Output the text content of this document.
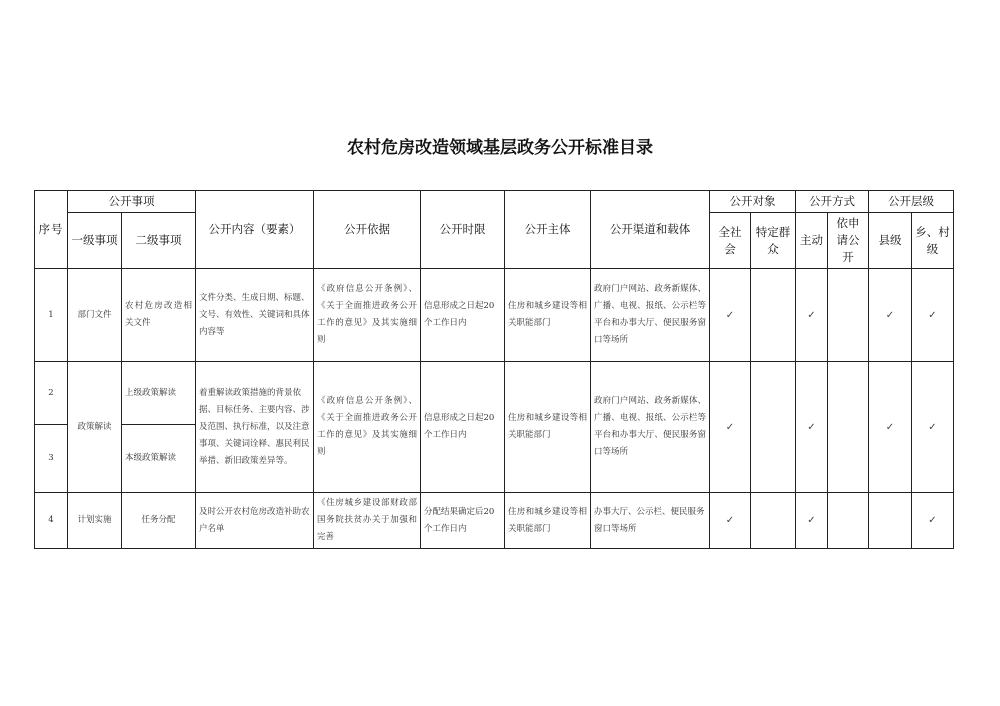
农村危房改造领域基层政务公开标准目录
序号	公开事项		公开内容（要素）	公开依据	公开时限	公开主体	公开渠道和载体	公开对象		公开方式		公开层级	
	一级事项	二级事项						全社会	特定群众	主动	依申请公开	县级	乡、村级
1	部门文件	农村危房改造相关文件	文件分类、生成日期、标题、文号、有效性、关键词和具体内容等	《政府信息公开条例》、《关于全面推进政务公开工作的意见》及其实施细则	信息形成之日起20个工作日内	住房和城乡建设等相关职能部门	政府门户网站、政务新媒体、广播、电视、报纸、公示栏等平台和办事大厅、便民服务窗口等场所	✓		✓		✓	✓
2	政策解读	上级政策解读	着重解读政策措施的背景依据、目标任务、主要内容、涉及范围、执行标准，以及注意事项、关键词诠释、惠民利民举措、新旧政策差异等。	《政府信息公开条例》、《关于全面推进政务公开工作的意见》及其实施细则	信息形成之日起20个工作日内	住房和城乡建设等相关职能部门	政府门户网站、政务新媒体、广播、电视、报纸、公示栏等平台和办事大厅、便民服务窗口等场所	✓		✓		✓	✓
3		本级政策解读											
4	计划实施	任务分配	及时公开农村危房改造补助农户名单	《住房城乡建设部财政部 国务院扶贫办关于加强和完善	分配结果确定后20个工作日内	住房和城乡建设等相关职能部门	办事大厅、公示栏、便民服务窗口等场所	✓		✓			✓
